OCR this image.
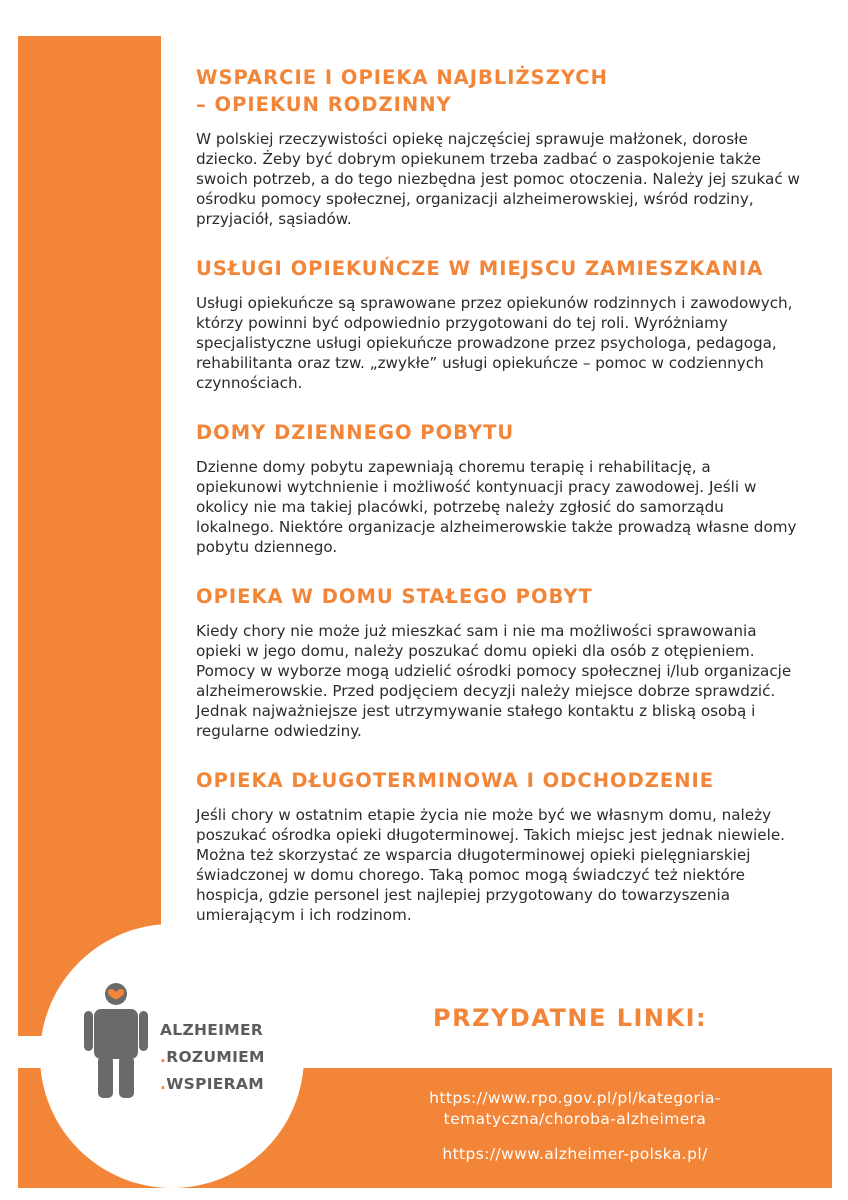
WSPARCIE I OPIEKA NAJBLIŻSZYCH
– OPIEKUN RODZINNY

W polskiej rzeczywistości opiekę najczęściej sprawuje małżonek, dorosłe dziecko. Żeby być dobrym opiekunem trzeba zadbać o zaspokojenie także swoich potrzeb, a do tego niezbędna jest pomoc otoczenia. Należy jej szukać w ośrodku pomocy społecznej, organizacji alzheimerowskiej, wśród rodziny, przyjaciół, sąsiadów.

USŁUGI OPIEKUŃCZE W MIEJSCU ZAMIESZKANIA

Usługi opiekuńcze są sprawowane przez opiekunów rodzinnych i zawodowych, którzy powinni być odpowiednio przygotowani do tej roli. Wyróżniamy specjalistyczne usługi opiekuńcze prowadzone przez psychologa, pedagoga, rehabilitanta oraz tzw. „zwykłe” usługi opiekuńcze – pomoc w codziennych czynnościach.

DOMY DZIENNEGO POBYTU

Dzienne domy pobytu zapewniają choremu terapię i rehabilitację, a opiekunowi wytchnienie i możliwość kontynuacji pracy zawodowej. Jeśli w okolicy nie ma takiej placówki, potrzebę należy zgłosić do samorządu lokalnego. Niektóre organizacje alzheimerowskie także prowadzą własne domy pobytu dziennego.

OPIEKA W DOMU STAŁEGO POBYT

Kiedy chory nie może już mieszkać sam i nie ma możliwości sprawowania opieki w jego domu, należy poszukać domu opieki dla osób z otępieniem. Pomocy w wyborze mogą udzielić ośrodki pomocy społecznej i/lub organizacje alzheimerowskie. Przed podjęciem decyzji należy miejsce dobrze sprawdzić. Jednak najważniejsze jest utrzymywanie stałego kontaktu z bliską osobą i regularne odwiedziny.

OPIEKA DŁUGOTERMINOWA I ODCHODZENIE

Jeśli chory w ostatnim etapie życia nie może być we własnym domu, należy poszukać ośrodka opieki długoterminowej. Takich miejsc jest jednak niewiele. Można też skorzystać ze wsparcia długoterminowej opieki pielęgniarskiej świadczonej w domu chorego. Taką pomoc mogą świadczyć też niektóre hospicja, gdzie personel jest najlepiej przygotowany do towarzyszenia umierającym i ich rodzinom.

ALZHEIMER
.ROZUMIEM
.WSPIERAM
PRZYDATNE LINKI:
https://www.rpo.gov.pl/pl/kategoria-
tematyczna/choroba-alzheimera
https://www.alzheimer-polska.pl/
